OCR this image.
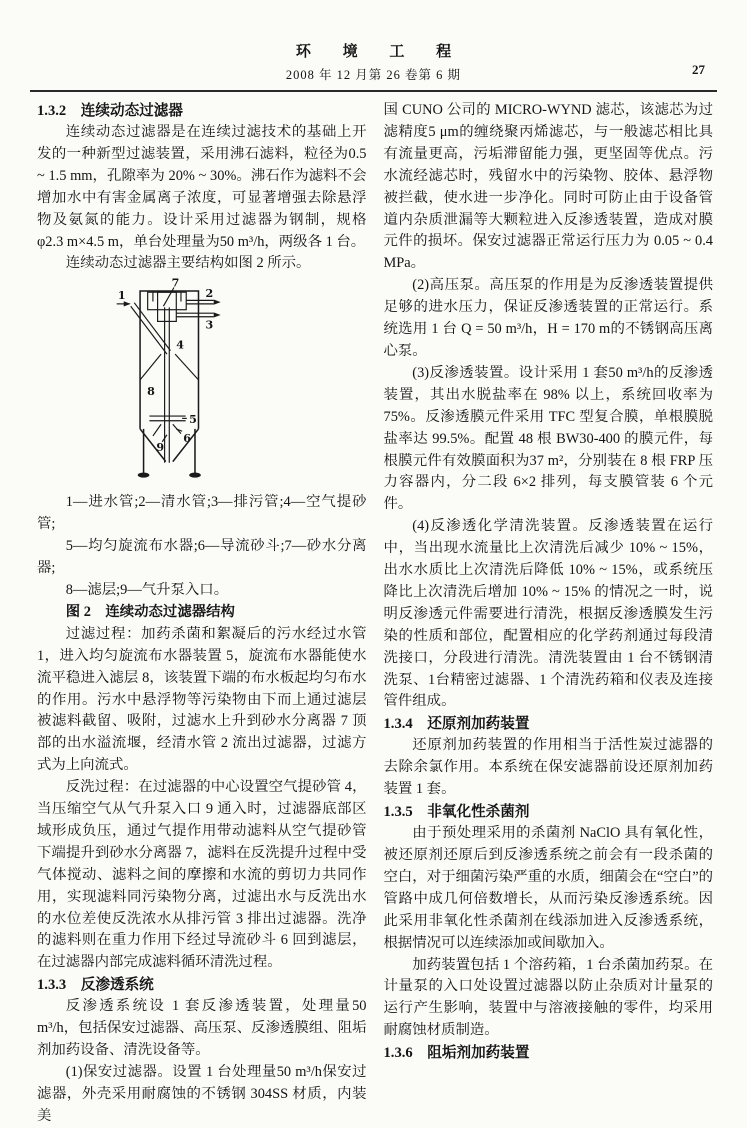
环 境 工 程
2008 年 12 月第 26 卷第 6 期	27
1.3.2　连续动态过滤器

连续动态过滤器是在连续过滤技术的基础上开发的一种新型过滤装置，采用沸石滤料，粒径为0.5 ~ 1.5 mm，孔隙率为 20% ~ 30%。沸石作为滤料不会增加水中有害金属离子浓度，可显著增强去除悬浮物及氨氮的能力。设计采用过滤器为钢制，规格 φ2.3 m×4.5 m，单台处理量为50 m³/h，两级各 1 台。

连续动态过滤器主要结构如图 2 所示。

1	2
3
4
5
6
7
8
9

1—进水管;2—清水管;3—排污管;4—空气提砂管;

5—均匀旋流布水器;6—导流砂斗;7—砂水分离器;

8—滤层;9—气升泵入口。

图 2　连续动态过滤器结构

过滤过程：加药杀菌和絮凝后的污水经过水管 1，进入均匀旋流布水器装置 5，旋流布水器能使水流平稳进入滤层 8，该装置下端的布水板起均匀布水的作用。污水中悬浮物等污染物由下而上通过滤层被滤料截留、吸附，过滤水上升到砂水分离器 7 顶部的出水溢流堰，经清水管 2 流出过滤器，过滤方式为上向流式。

反洗过程：在过滤器的中心设置空气提砂管 4，当压缩空气从气升泵入口 9 通入时，过滤器底部区域形成负压，通过气提作用带动滤料从空气提砂管下端提升到砂水分离器 7，滤料在反洗提升过程中受气体搅动、滤料之间的摩擦和水流的剪切力共同作用，实现滤料同污染物分离，过滤出水与反洗出水的水位差使反洗浓水从排污管 3 排出过滤器。洗净的滤料则在重力作用下经过导流砂斗 6 回到滤层，在过滤器内部完成滤料循环清洗过程。

1.3.3　反渗透系统

反渗透系统设 1 套反渗透装置，处理量50 m³/h，包括保安过滤器、高压泵、反渗透膜组、阻垢剂加药设备、清洗设备等。

(1)保安过滤器。设置 1 台处理量50 m³/h保安过滤器，外壳采用耐腐蚀的不锈钢 304SS 材质，内装美

国 CUNO 公司的 MICRO-WYND 滤芯，该滤芯为过滤精度5 μm的缠绕聚丙烯滤芯，与一般滤芯相比具有流量更高，污垢滞留能力强，更坚固等优点。污水流经滤芯时，残留水中的污染物、胶体、悬浮物被拦截，使水进一步净化。同时可防止由于设备管道内杂质泄漏等大颗粒进入反渗透装置，造成对膜元件的损坏。保安过滤器正常运行压力为 0.05 ~ 0.4 MPa。

(2)高压泵。高压泵的作用是为反渗透装置提供足够的进水压力，保证反渗透装置的正常运行。系统选用 1 台 Q = 50 m³/h，H = 170 m的不锈钢高压离心泵。

(3)反渗透装置。设计采用 1 套50 m³/h的反渗透装置，其出水脱盐率在 98% 以上，系统回收率为75%。反渗透膜元件采用 TFC 型复合膜，单根膜脱盐率达 99.5%。配置 48 根 BW30-400 的膜元件，每根膜元件有效膜面积为37 m²，分别装在 8 根 FRP 压力容器内，分二段 6×2 排列，每支膜管装 6 个元件。

(4)反渗透化学清洗装置。反渗透装置在运行中，当出现水流量比上次清洗后减少 10% ~ 15%，出水水质比上次清洗后降低 10% ~ 15%，或系统压降比上次清洗后增加 10% ~ 15% 的情况之一时，说明反渗透元件需要进行清洗，根据反渗透膜发生污染的性质和部位，配置相应的化学药剂通过每段清洗接口，分段进行清洗。清洗装置由 1 台不锈钢清洗泵、1台精密过滤器、1 个清洗药箱和仪表及连接管件组成。

1.3.4　还原剂加药装置

还原剂加药装置的作用相当于活性炭过滤器的去除余氯作用。本系统在保安滤器前设还原剂加药装置 1 套。

1.3.5　非氧化性杀菌剂

由于预处理采用的杀菌剂 NaClO 具有氧化性，被还原剂还原后到反渗透系统之前会有一段杀菌的空白，对于细菌污染严重的水质，细菌会在“空白”的管路中成几何倍数增长，从而污染反渗透系统。因此采用非氧化性杀菌剂在线添加进入反渗透系统，根据情况可以连续添加或间歇加入。

加药装置包括 1 个溶药箱，1 台杀菌加药泵。在计量泵的入口处设置过滤器以防止杂质对计量泵的运行产生影响，装置中与溶液接触的零件，均采用耐腐蚀材质制造。

1.3.6　阻垢剂加药装置
